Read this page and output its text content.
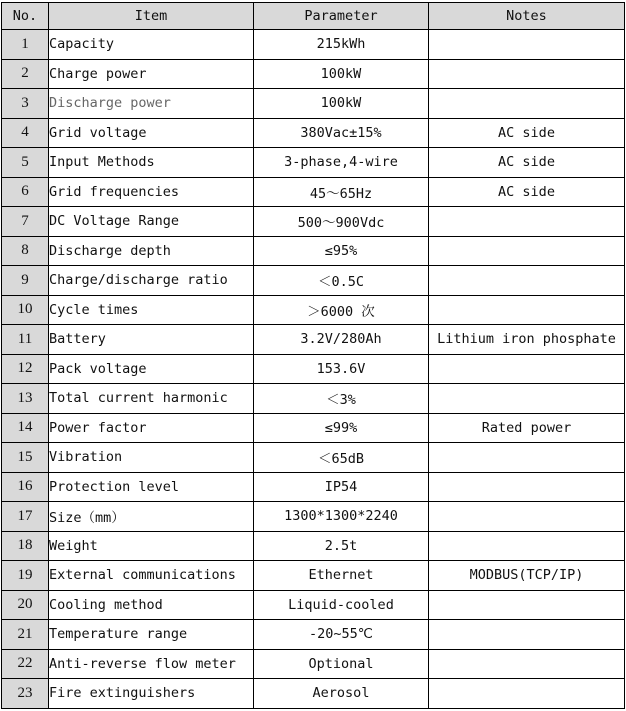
No.	Item	Parameter	Notes
1	Capacity	215kWh	
2	Charge power	100kW	
3	Discharge power	100kW	
4	Grid voltage	380Vac±15%	AC side
5	Input Methods	3-phase,4-wire	AC side
6	Grid frequencies	45～65Hz	AC side
7	DC Voltage Range	500～900Vdc	
8	Discharge depth	≤95%	
9	Charge/discharge ratio	＜0.5C	
10	Cycle times	＞6000 次	
11	Battery	3.2V/280Ah	Lithium iron phosphate
12	Pack voltage	153.6V	
13	Total current harmonic	＜3%	
14	Power factor	≤99%	Rated power
15	Vibration	＜65dB	
16	Protection level	IP54	
17	Size（mm）	1300*1300*2240	
18	Weight	2.5t	
19	External communications	Ethernet	MODBUS(TCP/IP)
20	Cooling method	Liquid-cooled	
21	Temperature range	-20~55℃	
22	Anti-reverse flow meter	Optional	
23	Fire extinguishers	Aerosol	
